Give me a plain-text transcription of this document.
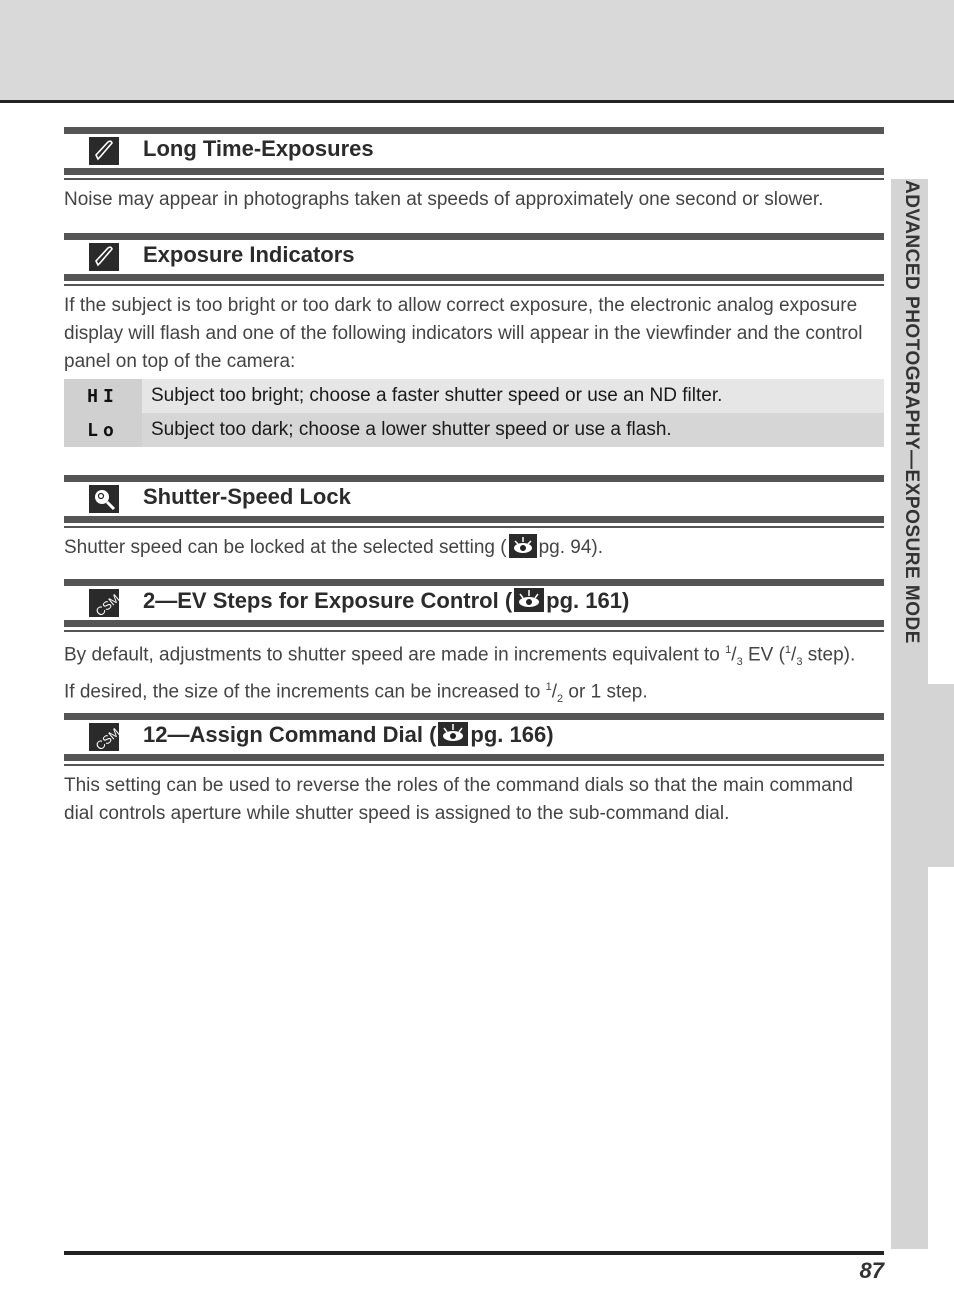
ADVANCED PHOTOGRAPHY—EXPOSURE MODE
Long Time-Exposures

Noise may appear in photographs taken at speeds of approximately one second or slower.

Exposure Indicators

If the subject is too bright or too dark to allow correct exposure, the electronic analog exposure display will flash and one of the following indicators will appear in the viewfinder and the control panel on top of the camera:

HI	Subject too bright; choose a faster shutter speed or use an ND filter.
Lo	Subject too dark; choose a lower shutter speed or use a flash.
Shutter-Speed Lock

Shutter speed can be locked at the selected setting ( pg. 94).

CSM 2—EV Steps for Exposure Control ( pg. 161)

By default, adjustments to shutter speed are made in increments equivalent to $^1/_3$ EV ($^1/_3$ step).
If desired, the size of the increments can be increased to $^1/_2$ or 1 step.

CSM 12—Assign Command Dial ( pg. 166)

This setting can be used to reverse the roles of the command dials so that the main command dial controls aperture while shutter speed is assigned to the sub-command dial.

87
